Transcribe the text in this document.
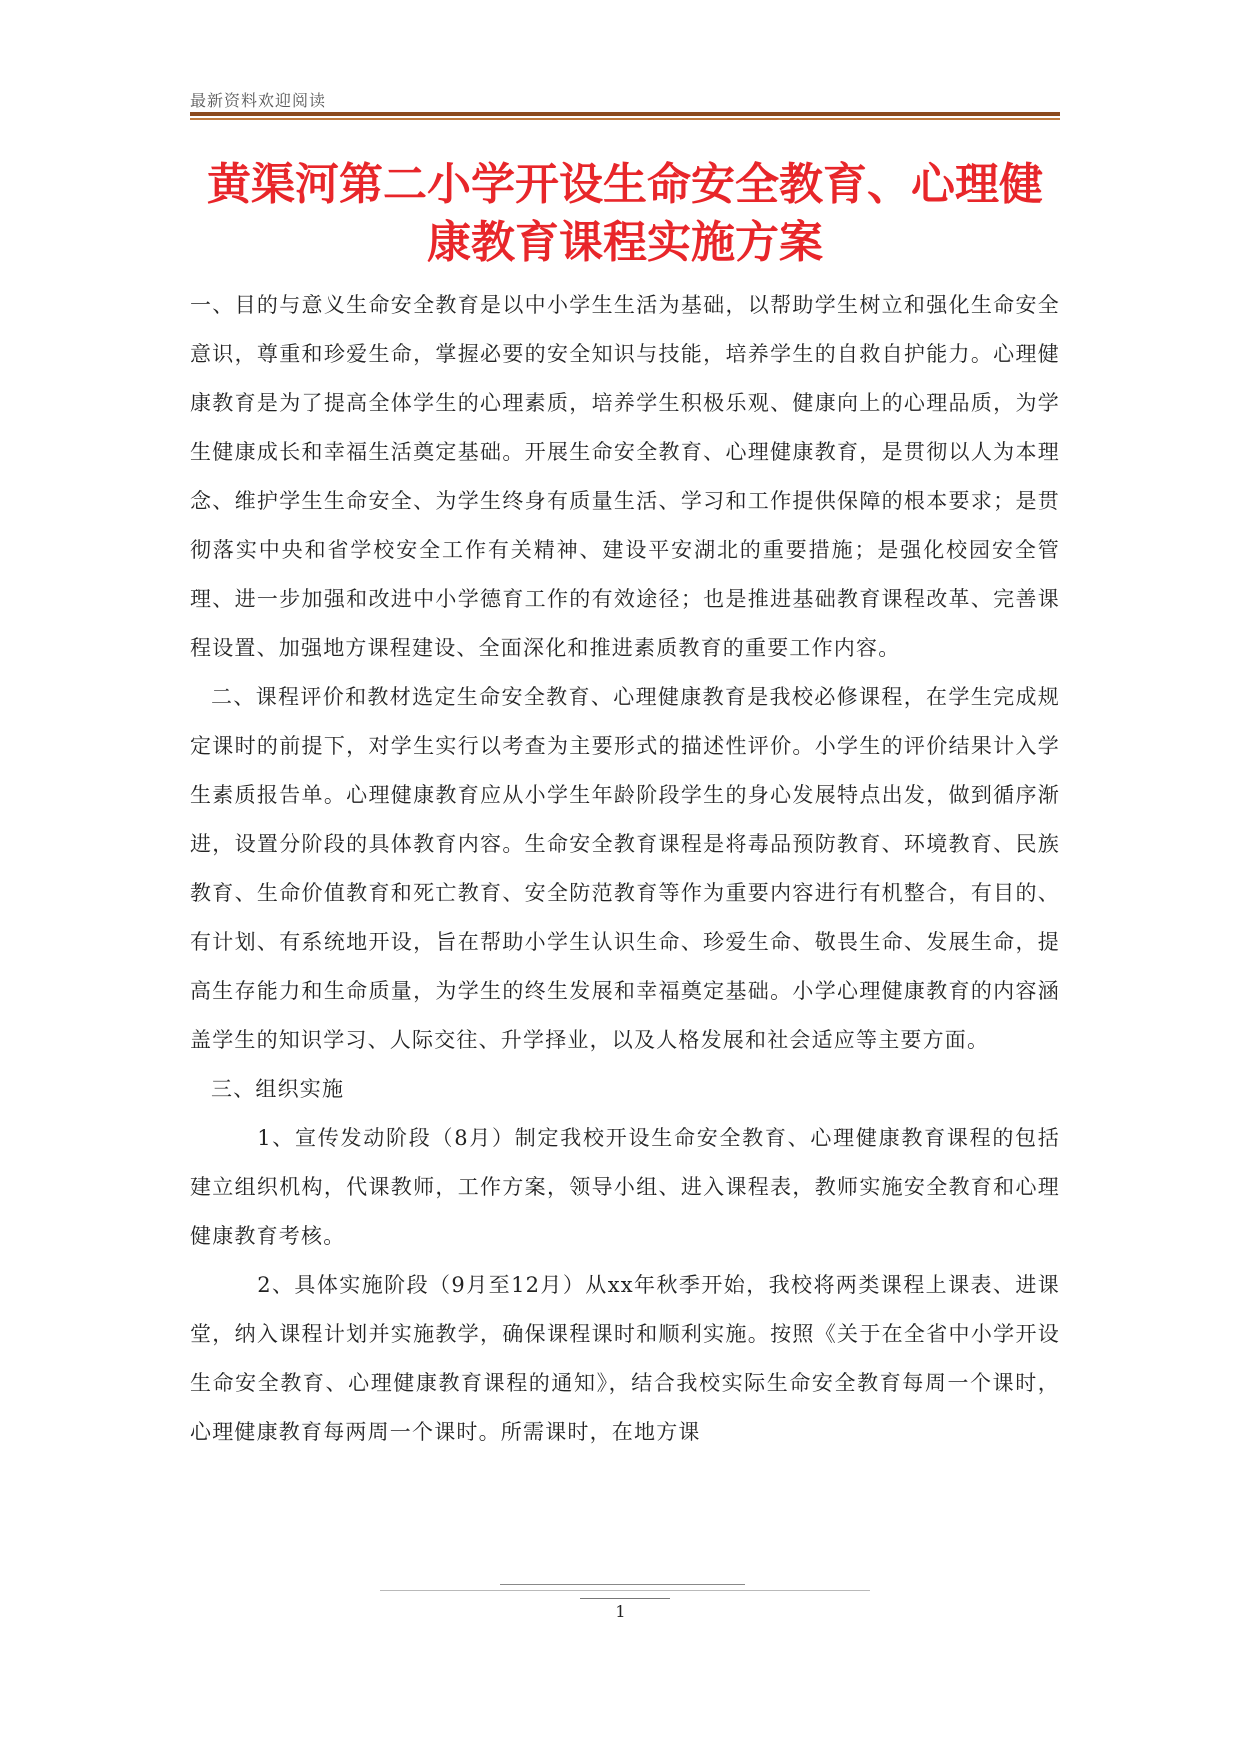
最新资料欢迎阅读
黄渠河第二小学开设生命安全教育、心理健康教育课程实施方案

一、目的与意义生命安全教育是以中小学生生活为基础，以帮助学生树立和强化生命安全意识，尊重和珍爱生命，掌握必要的安全知识与技能，培养学生的自救自护能力。心理健康教育是为了提高全体学生的心理素质，培养学生积极乐观、健康向上的心理品质，为学生健康成长和幸福生活奠定基础。开展生命安全教育、心理健康教育，是贯彻以人为本理念、维护学生生命安全、为学生终身有质量生活、学习和工作提供保障的根本要求；是贯彻落实中央和省学校安全工作有关精神、建设平安湖北的重要措施；是强化校园安全管理、进一步加强和改进中小学德育工作的有效途径；也是推进基础教育课程改革、完善课程设置、加强地方课程建设、全面深化和推进素质教育的重要工作内容。

二、课程评价和教材选定生命安全教育、心理健康教育是我校必修课程，在学生完成规定课时的前提下，对学生实行以考查为主要形式的描述性评价。小学生的评价结果计入学生素质报告单。心理健康教育应从小学生年龄阶段学生的身心发展特点出发，做到循序渐进，设置分阶段的具体教育内容。生命安全教育课程是将毒品预防教育、环境教育、民族教育、生命价值教育和死亡教育、安全防范教育等作为重要内容进行有机整合，有目的、有计划、有系统地开设，旨在帮助小学生认识生命、珍爱生命、敬畏生命、发展生命，提高生存能力和生命质量，为学生的终生发展和幸福奠定基础。小学心理健康教育的内容涵盖学生的知识学习、人际交往、升学择业，以及人格发展和社会适应等主要方面。

三、组织实施

1、宣传发动阶段（8月）制定我校开设生命安全教育、心理健康教育课程的包括建立组织机构，代课教师，工作方案，领导小组、进入课程表，教师实施安全教育和心理健康教育考核。

2、具体实施阶段（9月至12月）从xx年秋季开始，我校将两类课程上课表、进课堂，纳入课程计划并实施教学，确保课程课时和顺利实施。按照《关于在全省中小学开设生命安全教育、心理健康教育课程的通知》，结合我校实际生命安全教育每周一个课时，心理健康教育每两周一个课时。所需课时，在地方课

1
